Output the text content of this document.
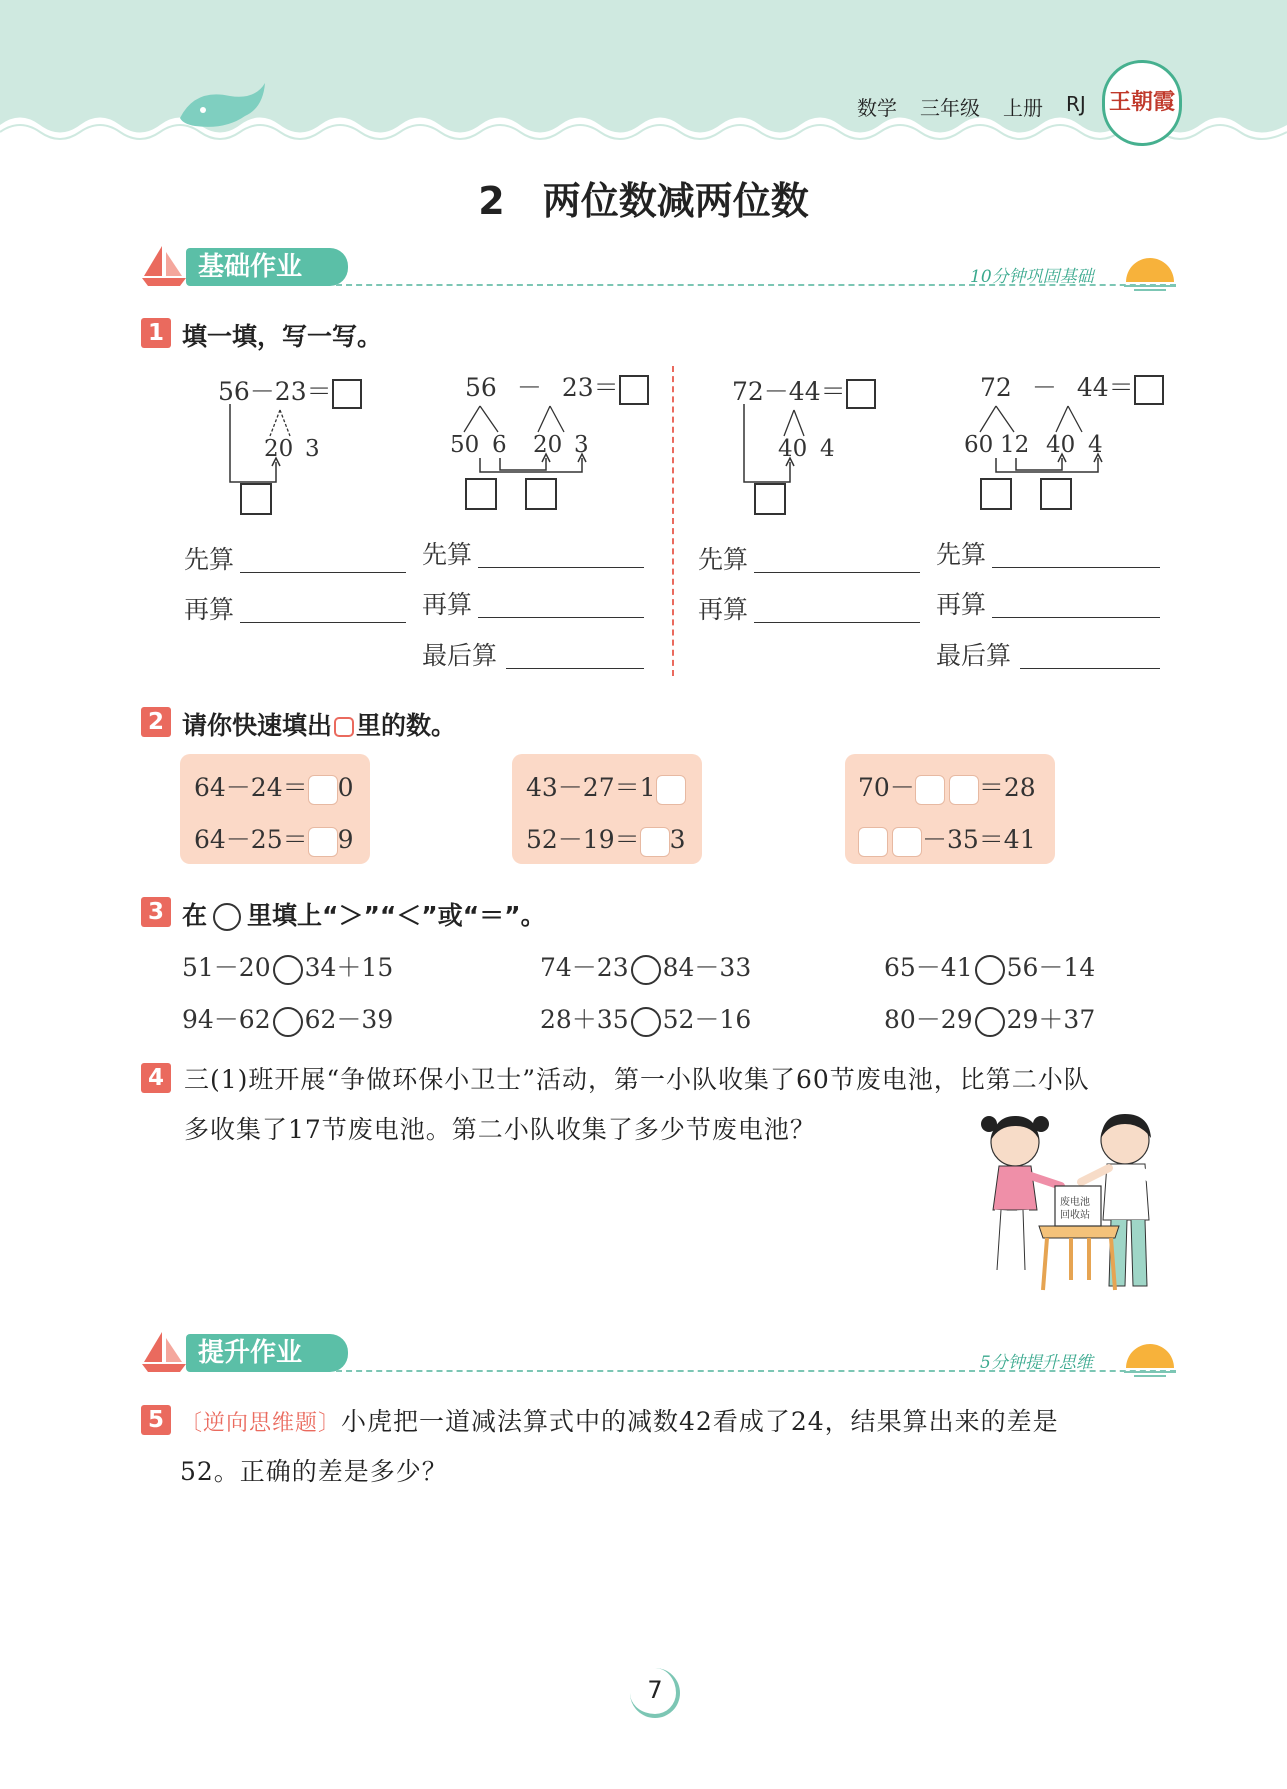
数学 三年级 上册 RJ 王朝霞
2　两位数减两位数
基础作业	10分钟巩固基础
1 填一填，写一写。
56－23＝
20 3
56 － 23＝
50 6 20 3
72－44＝
40 4
72 － 44＝
60 12 40 4
先算
再算
先算
再算
最后算
先算
再算
先算
再算
最后算
2 请你快速填出 里的数。
64－24＝ 0
64－25＝ 9
43－27＝1
52－19＝ 3
70－	＝28
－35＝41
3 在 里填上“＞”“＜”或“＝”。
51－20 34＋15	74－23 84－33	65－41 56－14
94－62 62－39	28＋35 52－16	80－29 29＋37
4 三(1)班开展“争做环保小卫士”活动，第一小队收集了60节废电池，比第二小队
多收集了17节废电池。第二小队收集了多少节废电池？
废电池
回收站
提升作业	5分钟提升思维
5 〔逆向思维题〕小虎把一道减法算式中的减数42看成了24，结果算出来的差是
52。正确的差是多少？
7
